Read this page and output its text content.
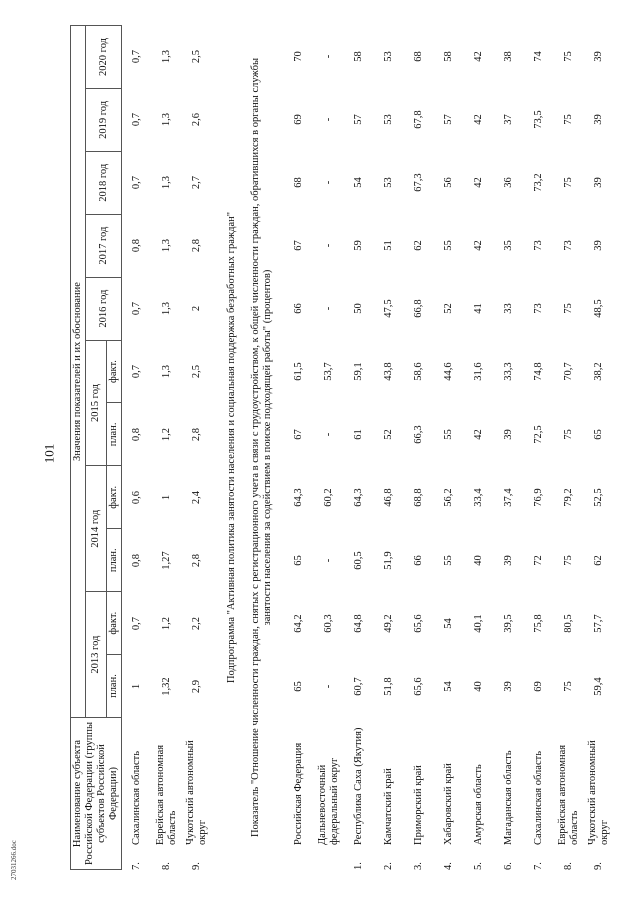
101
27031266.doc
Наименование субъекта Российской Федерации (группы субъектов Российской Федерации)	Значения показателей и их обоснование										
	2013 год		2014 год		2015 год		2016 год	2017 год	2018 год	2019 год	2020 год
	план.	факт.	план.	факт.	план.	факт.					
7.	Сахалинская область	1	0,7	0,8	0,6	0,8	0,7	0,7	0,8	0,7	0,7	0,7
8.	Еврейская автономная область	1,32	1,2	1,27	1	1,2	1,3	1,3	1,3	1,3	1,3	1,3
9.	Чукотский автономный округ	2,9	2,2	2,8	2,4	2,8	2,5	2	2,8	2,7	2,6	2,5
Подпрограмма "Активная политика занятости населения и социальная поддержка безработных граждан"												
Показатель "Отношение численности граждан, снятых с регистрационного учета в связи с трудоустройством, к общей численности граждан, обратившихся в органы службы занятости населения за содействием в поиске подходящей работы" (процентов)												
	Российская Федерация	65	64,2	65	64,3	67	61,5	66	67	68	69	70
	Дальневосточный федеральный округ	-	60,3	-	60,2	-	53,7	-	-	-	-	-
1.	Республика Саха (Якутия)	60,7	64,8	60,5	64,3	61	59,1	50	59	54	57	58
2.	Камчатский край	51,8	49,2	51,9	46,8	52	43,8	47,5	51	53	53	53
3.	Приморский край	65,6	65,6	66	68,8	66,3	58,6	66,8	62	67,3	67,8	68
4.	Хабаровский край	54	54	55	56,2	55	44,6	52	55	56	57	58
5.	Амурская область	40	40,1	40	33,4	42	31,6	41	42	42	42	42
6.	Магаданская область	39	39,5	39	37,4	39	33,3	33	35	36	37	38
7.	Сахалинская область	69	75,8	72	76,9	72,5	74,8	73	73	73,2	73,5	74
8.	Еврейская автономная область	75	80,5	75	79,2	75	70,7	75	73	75	75	75
9.	Чукотский автономный округ	59,4	57,7	62	52,5	65	38,2	48,5	39	39	39	39
